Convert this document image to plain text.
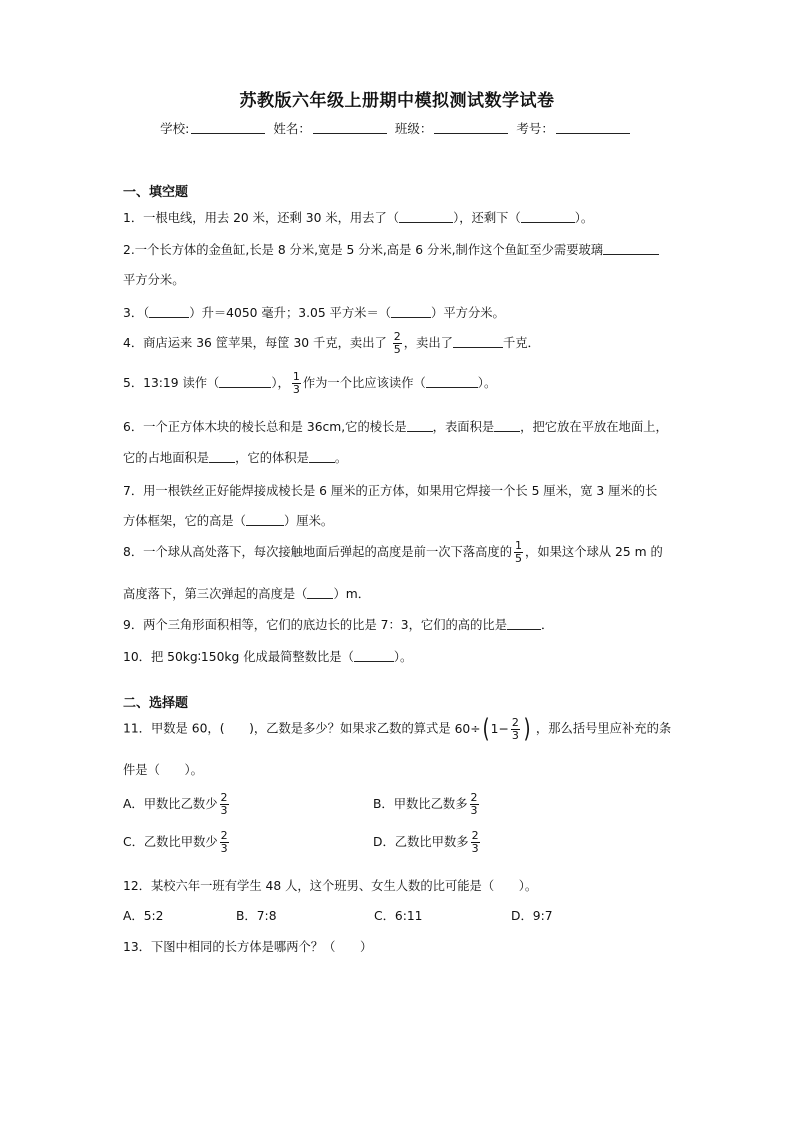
苏教版六年级上册期中模拟测试数学试卷
学校:	姓名：	班级：	考号：
一、填空题
1．一根电线，用去 20 米，还剩 30 米，用去了（	），还剩下（	）。
2.一个长方体的金鱼缸,长是 8 分米,宽是 5 分米,高是 6 分米,制作这个鱼缸至少需要玻璃
平方分米。
3．（	）升＝4050 毫升；3.05 平方米＝（	）平方分米。
4．商店运来 36 筐苹果，每筐 30 千克，卖出了 $\frac{2}{5}$ ，卖出了	千克．
5．13:19 读作（	）， $\frac{1}{3}$ 作为一个比应该读作（	）。
6．一个正方体木块的棱长总和是 36cm,它的棱长是 ，表面积是 ，把它放在平放在地面上，
它的占地面积是 ，它的体积是 。
7．用一根铁丝正好能焊接成棱长是 6 厘米的正方体，如果用它焊接一个长 5 厘米，宽 3 厘米的长
方体框架，它的高是（	）厘米。
8．一个球从高处落下，每次接触地面后弹起的高度是前一次下落高度的 $\frac{1}{5}$ ，如果这个球从 25 m 的
高度落下，第三次弹起的高度是（ ）m．
9．两个三角形面积相等，它们的底边长的比是 7：3，它们的高的比是	．
10．把 50kg∶150kg 化成最简整数比是（	）。
二、选择题
11．甲数是 60，(　　)，乙数是多少？如果求乙数的算式是 60÷ ( $1- \frac{2}{3}$ ) ，那么括号里应补充的条
件是（　　）。
A．甲数比乙数少 $\frac{2}{3}$	B．甲数比乙数多 $\frac{2}{3}$
C．乙数比甲数少 $\frac{2}{3}$	D．乙数比甲数多 $\frac{2}{3}$
12．某校六年一班有学生 48 人，这个班男、女生人数的比可能是（　　）。
A．5:2	B．7:8	C．6:11	D．9:7
13．下图中相同的长方体是哪两个？（　　）
